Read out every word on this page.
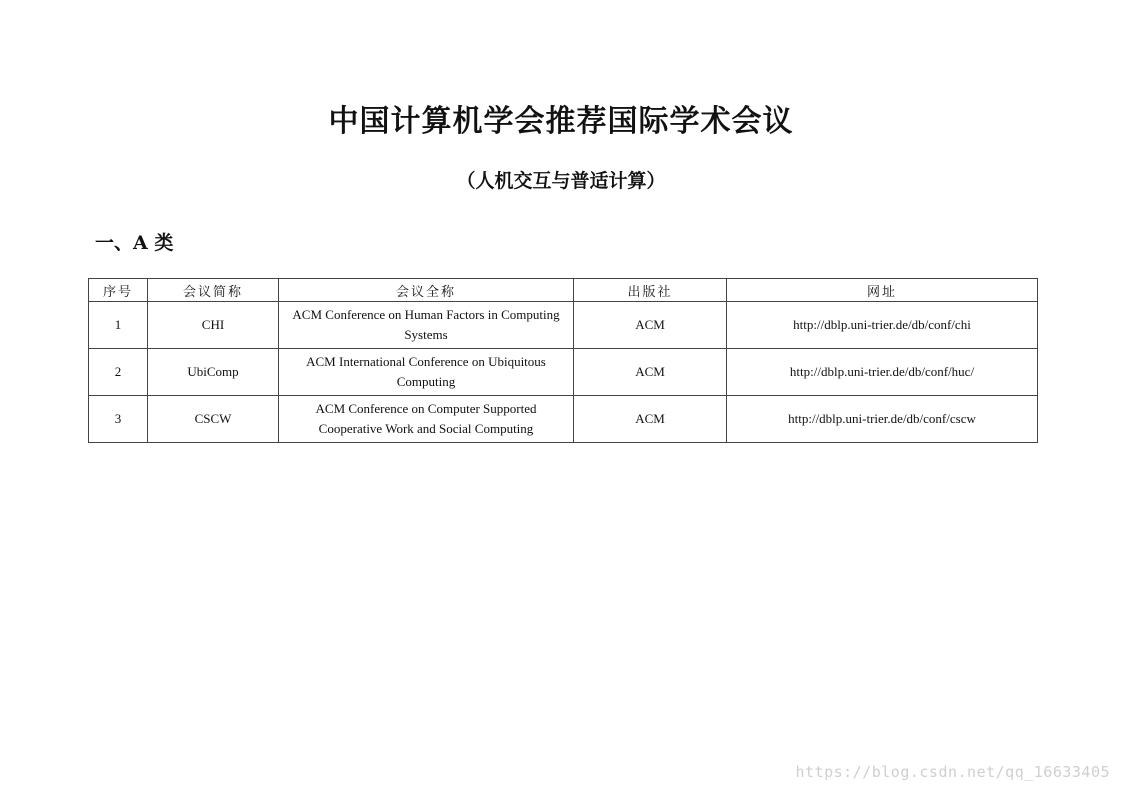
中国计算机学会推荐国际学术会议
（人机交互与普适计算）
一、A 类
序号	会议简称	会议全称	出版社	网址
1	CHI	ACM Conference on Human Factors in Computing Systems	ACM	http://dblp.uni-trier.de/db/conf/chi
2	UbiComp	ACM International Conference on Ubiquitous Computing	ACM	http://dblp.uni-trier.de/db/conf/huc/
3	CSCW	ACM Conference on Computer Supported Cooperative Work and Social Computing	ACM	http://dblp.uni-trier.de/db/conf/cscw
https://blog.csdn.net/qq_16633405
